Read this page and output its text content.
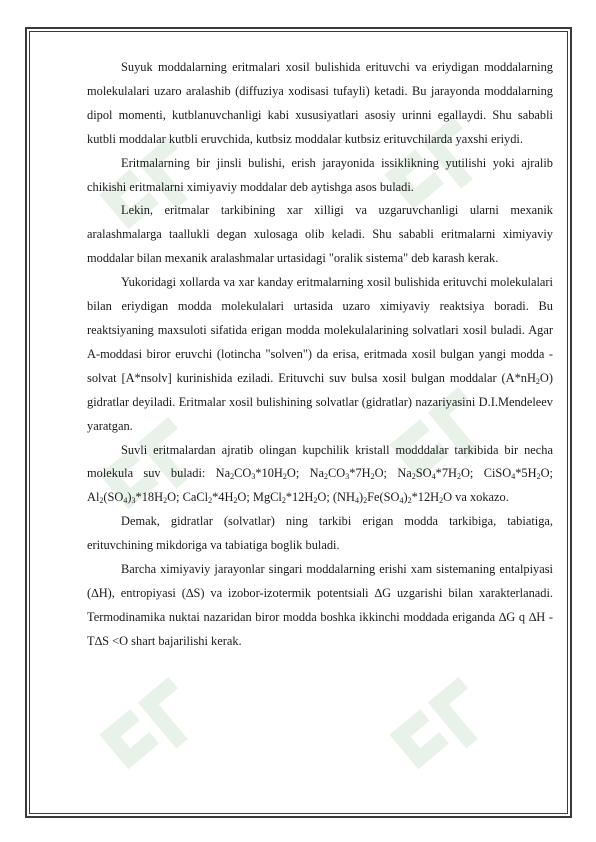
Suyuk moddalarning eritmalari xosil bulishida erituvchi va eriydigan moddalarning molekulalari uzaro aralashib (diffuziya xodisasi tufayli) ketadi. Bu jarayonda moddalarning dipol momenti, kutblanuvchanligi kabi xususiyatlari asosiy urinni egallaydi. Shu sababli kutbli moddalar kutbli eruvchida, kutbsiz moddalar kutbsiz erituvchilarda yaxshi eriydi.

Eritmalarning bir jinsli bulishi, erish jarayonida issiklikning yutilishi yoki ajralib chikishi eritmalarni ximiyaviy moddalar deb aytishga asos buladi.

Lekin, eritmalar tarkibining xar xilligi va uzgaruvchanligi ularni mexanik aralashmalarga taallukli degan xulosaga olib keladi. Shu sababli eritmalarni ximiyaviy moddalar bilan mexanik aralashmalar urtasidagi "oralik sistema" deb karash kerak.

Yukoridagi xollarda va xar kanday eritmalarning xosil bulishida erituvchi molekulalari bilan eriydigan modda molekulalari urtasida uzaro ximiyaviy reaktsiya boradi. Bu reaktsiyaning maxsuloti sifatida erigan modda molekulalarining solvatlari xosil buladi. Agar A-moddasi biror eruvchi (lotincha "solven") da erisa, eritmada xosil bulgan yangi modda - solvat [A*nsolv] kurinishida eziladi. Erituvchi suv bulsa xosil bulgan moddalar $(A*nH_2O)$ gidratlar deyiladi. Eritmalar xosil bulishining solvatlar (gidratlar) nazariyasini D.I.Mendeleev yaratgan.

Suvli eritmalardan ajratib olingan kupchilik kristall modddalar tarkibida bir necha molekula suv buladi: $Na_2CO_3*10H_2O$; $Na_2CO_3*7H_2O$; $Na_2SO_4*7H_2O$; $CiSO_4*5H_2O$; $Al_2(SO_4)_3*18H_2O$; $CaCl_2*4H_2O$; $MgCl_2*12H_2O$; $(NH_4)_2Fe(SO_4)_2*12H_2O$ va xokazo.

Demak, gidratlar (solvatlar) ning tarkibi erigan modda tarkibiga, tabiatiga, erituvchining mikdoriga va tabiatiga boglik buladi.

Barcha ximiyaviy jarayonlar singari moddalarning erishi xam sistemaning entalpiyasi (∆H), entropiyasi (∆S) va izobor-izotermik potentsiali ∆G uzgarishi bilan xarakterlanadi. Termodinamika nuktai nazaridan biror modda boshka ikkinchi moddada eriganda ∆G q ∆H - T∆S <O shart bajarilishi kerak.
